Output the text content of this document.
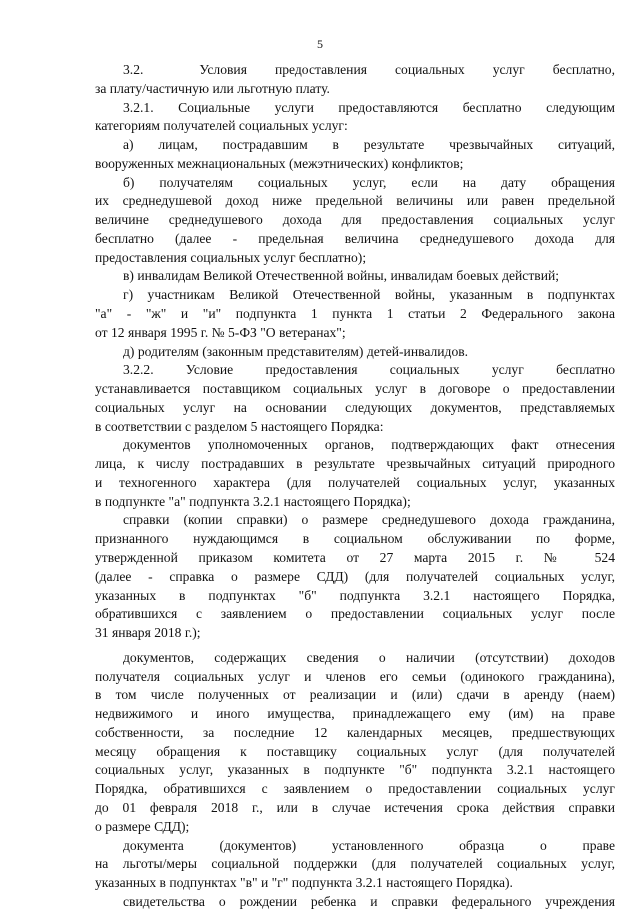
5
3.2.  Условия предоставления социальных услуг бесплатно,
за плату/частичную или льготную плату.
3.2.1. Социальные услуги предоставляются бесплатно следующим
категориям получателей социальных услуг:
а) лицам, пострадавшим в результате чрезвычайных ситуаций,
вооруженных межнациональных (межэтнических) конфликтов;
б) получателям социальных услуг, если на дату обращения
их среднедушевой доход ниже предельной величины или равен предельной
величине среднедушевого дохода для предоставления социальных услуг
бесплатно (далее - предельная величина среднедушевого дохода для
предоставления социальных услуг бесплатно);
в) инвалидам Великой Отечественной войны, инвалидам боевых действий;
г) участникам Великой Отечественной войны, указанным в подпунктах
"а" - "ж" и "и" подпункта 1 пункта 1 статьи 2 Федерального закона
от 12 января 1995 г. № 5-ФЗ "О ветеранах";
д) родителям (законным представителям) детей-инвалидов.
3.2.2. Условие предоставления социальных услуг бесплатно
устанавливается поставщиком социальных услуг в договоре о предоставлении
социальных услуг на основании следующих документов, представляемых
в соответствии с разделом 5 настоящего Порядка:
документов уполномоченных органов, подтверждающих факт отнесения
лица, к числу пострадавших в результате чрезвычайных ситуаций природного
и техногенного характера (для получателей социальных услуг, указанных
в подпункте "а" подпункта 3.2.1 настоящего Порядка);
справки (копии справки) о размере среднедушевого дохода гражданина,
признанного нуждающимся в социальном обслуживании по форме,
утвержденной приказом комитета от 27 марта 2015 г. № 524
(далее - справка о размере СДД) (для получателей социальных услуг,
указанных в подпунктах "б" подпункта 3.2.1 настоящего Порядка,
обратившихся с заявлением о предоставлении социальных услуг после
31 января 2018 г.);
документов, содержащих сведения о наличии (отсутствии) доходов
получателя социальных услуг и членов его семьи (одинокого гражданина),
в том числе полученных от реализации и (или) сдачи в аренду (наем)
недвижимого и иного имущества, принадлежащего ему (им) на праве
собственности, за последние 12 календарных месяцев, предшествующих
месяцу обращения к поставщику социальных услуг (для получателей
социальных услуг, указанных в подпункте "б" подпункта 3.2.1 настоящего
Порядка, обратившихся с заявлением о предоставлении социальных услуг
до 01 февраля 2018 г., или в случае истечения срока действия справки
о размере СДД);
документа (документов) установленного образца о праве
на льготы/меры социальной поддержки (для получателей социальных услуг,
указанных в подпунктах "в" и "г" подпункта 3.2.1 настоящего Порядка).
свидетельства о рождении ребенка и справки федерального учреждения
